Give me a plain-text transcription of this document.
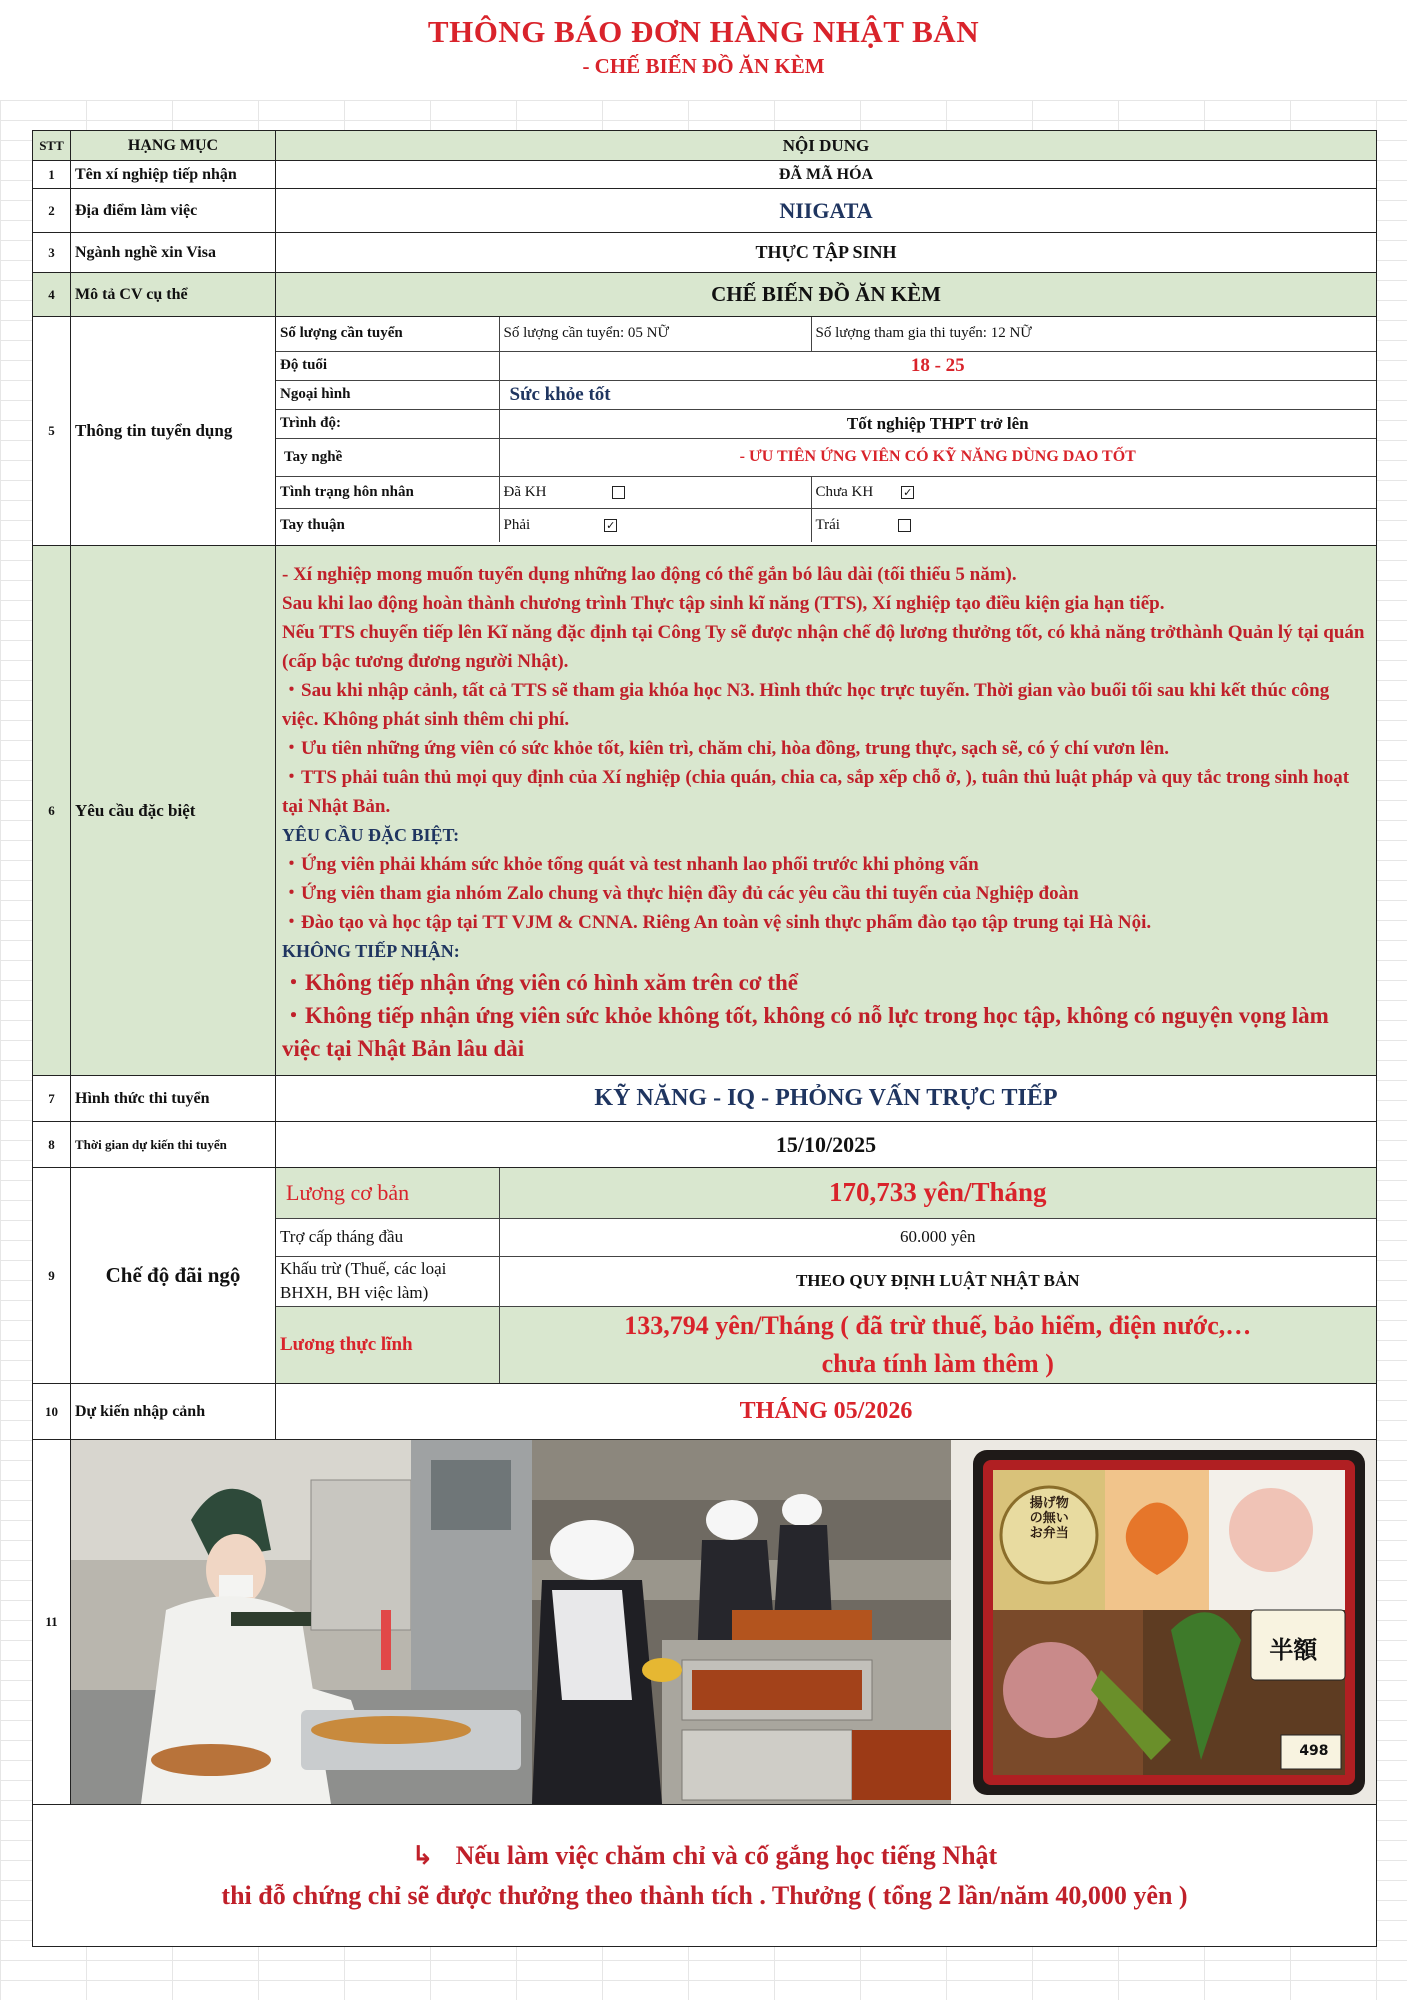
THÔNG BÁO ĐƠN HÀNG NHẬT BẢN
- CHẾ BIẾN ĐỒ ĂN KÈM
STT	HẠNG MỤC	NỘI DUNG
1	Tên xí nghiệp tiếp nhận	ĐÃ MÃ HÓA
2	Địa điểm làm việc	NIIGATA
3	Ngành nghề xin Visa	THỰC TẬP SINH
4	Mô tả CV cụ thể	CHẾ BIẾN ĐỒ ĂN KÈM
5	Thông tin tuyển dụng	
Số lượng cần tuyển	Số lượng cần tuyển: 05 NỮ	Số lượng tham gia thi tuyển: 12 NỮ
Độ tuổi	18 - 25
Ngoại hình	Sức khỏe tốt
Trình độ:	Tốt nghiệp THPT trở lên
Tay nghề	- ƯU TIÊN ỨNG VIÊN CÓ KỸ NĂNG DÙNG DAO TỐT
Tình trạng hôn nhân	Đã KH	Chưa KH	✓
Tay thuận	Phải	✓	Trái

6	Yêu cầu đặc biệt	

- Xí nghiệp mong muốn tuyển dụng những lao động có thể gắn bó lâu dài (tối thiểu 5 năm).

Sau khi lao động hoàn thành chương trình Thực tập sinh kĩ năng (TTS), Xí nghiệp tạo điều kiện gia hạn tiếp.

Nếu TTS chuyển tiếp lên Kĩ năng đặc định tại Công Ty sẽ được nhận chế độ lương thưởng tốt, có khả năng trởthành Quản lý tại quán (cấp bậc tương đương người Nhật).

・Sau khi nhập cảnh, tất cả TTS sẽ tham gia khóa học N3. Hình thức học trực tuyến. Thời gian vào buổi tối sau khi kết thúc công việc. Không phát sinh thêm chi phí.

・Ưu tiên những ứng viên có sức khỏe tốt, kiên trì, chăm chỉ, hòa đồng, trung thực, sạch sẽ, có ý chí vươn lên.

・TTS phải tuân thủ mọi quy định của Xí nghiệp (chia quán, chia ca, sắp xếp chỗ ở, ), tuân thủ luật pháp và quy tắc trong sinh hoạt tại Nhật Bản.

YÊU CẦU ĐẶC BIỆT:

・Ứng viên phải khám sức khỏe tổng quát và test nhanh lao phổi trước khi phỏng vấn

・Ứng viên tham gia nhóm Zalo chung và thực hiện đầy đủ các yêu cầu thi tuyển của Nghiệp đoàn

・Đào tạo và học tập tại TT VJM & CNNA. Riêng An toàn vệ sinh thực phẩm đào tạo tập trung tại Hà Nội.

KHÔNG TIẾP NHẬN:

・Không tiếp nhận ứng viên có hình xăm trên cơ thể

・Không tiếp nhận ứng viên sức khỏe không tốt, không có nỗ lực trong học tập, không có nguyện vọng làm việc tại Nhật Bản lâu dài

7	Hình thức thi tuyển	KỸ NĂNG - IQ - PHỎNG VẤN TRỰC TIẾP
8	Thời gian dự kiến thi tuyển	15/10/2025
9	Chế độ đãi ngộ	
Lương cơ bản	170,733 yên/Tháng
Trợ cấp tháng đầu	60.000 yên
Khấu trừ (Thuế, các loại BHXH, BH việc làm)	THEO QUY ĐỊNH LUẬT NHẬT BẢN
Lương thực lĩnh	
133,794 yên/Tháng ( đã trừ thuế, bảo hiểm, điện nước,…
chưa tính làm thêm )

10	Dự kiến nhập cảnh	THÁNG 05/2026
11	
揚げ物の無いお弁当
半額
498

↳ Nếu làm việc chăm chỉ và cố gắng học tiếng Nhật
thi đỗ chứng chỉ sẽ được thưởng theo thành tích . Thưởng ( tổng 2 lần/năm 40,000 yên )
